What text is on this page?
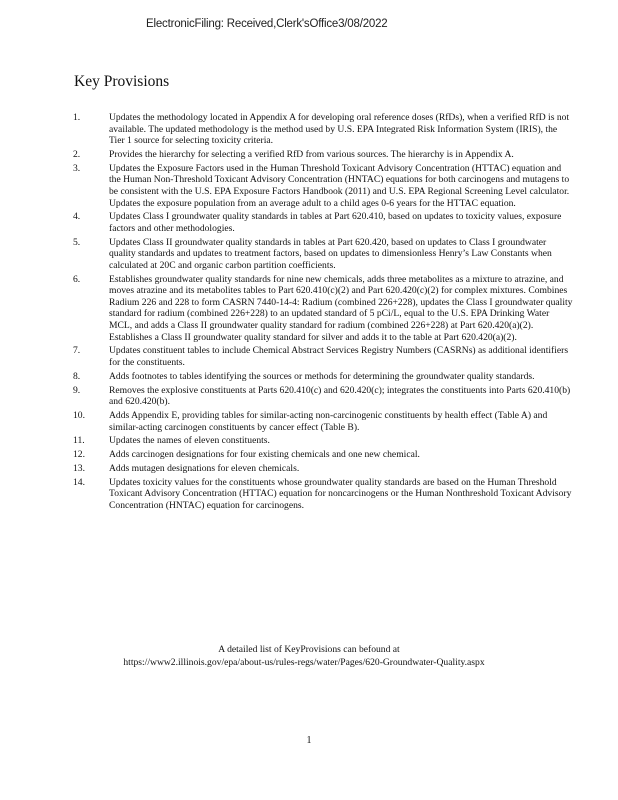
ElectronicFiling: Received,Clerk'sOffice3/08/2022
Key Provisions
1.	Updates the methodology located in Appendix A for developing oral reference doses (RfDs), when a verified RfD is not available. The updated methodology is the method used by U.S. EPA Integrated Risk Information System (IRIS), the Tier 1 source for selecting toxicity criteria.
2.	Provides the hierarchy for selecting a verified RfD from various sources. The hierarchy is in Appendix A.
3.	Updates the Exposure Factors used in the Human Threshold Toxicant Advisory Concentration (HTTAC) equation and the Human Non-Threshold Toxicant Advisory Concentration (HNTAC) equations for both carcinogens and mutagens to be consistent with the U.S. EPA Exposure Factors Handbook (2011) and U.S. EPA Regional Screening Level calculator. Updates the exposure population from an average adult to a child ages 0-6 years for the HTTAC equation.
4.	Updates Class I groundwater quality standards in tables at Part 620.410, based on updates to toxicity values, exposure factors and other methodologies.
5.	Updates Class II groundwater quality standards in tables at Part 620.420, based on updates to Class I groundwater quality standards and updates to treatment factors, based on updates to dimensionless Henry’s Law Constants when calculated at 20C and organic carbon partition coefficients.
6.	Establishes groundwater quality standards for nine new chemicals, adds three metabolites as a mixture to atrazine, and moves atrazine and its metabolites tables to Part 620.410(c)(2) and Part 620.420(c)(2) for complex mixtures. Combines Radium 226 and 228 to form CASRN 7440-14-4: Radium (combined 226+228), updates the Class I groundwater quality standard for radium (combined 226+228) to an updated standard of 5 pCi/L, equal to the U.S. EPA Drinking Water MCL, and adds a Class II groundwater quality standard for radium (combined 226+228) at Part 620.420(a)(2). Establishes a Class II groundwater quality standard for silver and adds it to the table at Part 620.420(a)(2).
7.	Updates constituent tables to include Chemical Abstract Services Registry Numbers (CASRNs) as additional identifiers for the constituents.
8.	Adds footnotes to tables identifying the sources or methods for determining the groundwater quality standards.
9.	Removes the explosive constituents at Parts 620.410(c) and 620.420(c); integrates the constituents into Parts 620.410(b) and 620.420(b).
10.	Adds Appendix E, providing tables for similar-acting non-carcinogenic constituents by health effect (Table A) and similar-acting carcinogen constituents by cancer effect (Table B).
11.	Updates the names of eleven constituents.
12.	Adds carcinogen designations for four existing chemicals and one new chemical.
13.	Adds mutagen designations for eleven chemicals.
14.	Updates toxicity values for the constituents whose groundwater quality standards are based on the Human Threshold Toxicant Advisory Concentration (HTTAC) equation for noncarcinogens or the Human Nonthreshold Toxicant Advisory Concentration (HNTAC) equation for carcinogens.
A detailed list of KeyProvisions can befound at
https://www2.illinois.gov/epa/about-us/rules-regs/water/Pages/620-Groundwater-Quality.aspx
1
